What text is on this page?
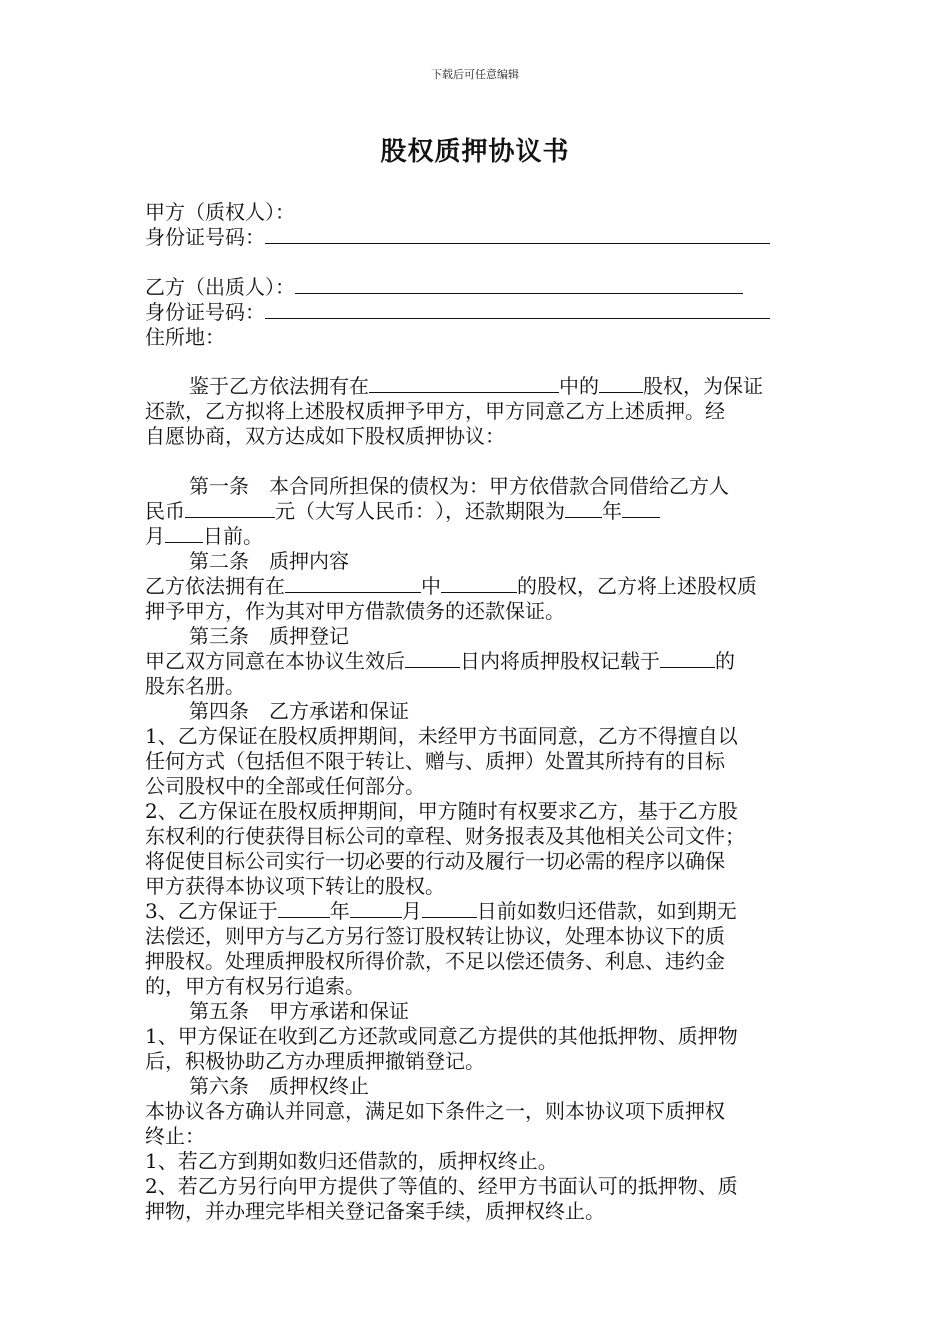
下载后可任意编辑
股权质押协议书
甲方（质权人）：
身份证号码：
乙方（出质人）：
身份证号码：
住所地：
鉴于乙方依法拥有在	中的 股权，为保证
还款，乙方拟将上述股权质押予甲方，甲方同意乙方上述质押。经
自愿协商，双方达成如下股权质押协议：
第一条　本合同所担保的债权为：甲方依借款合同借给乙方人
民币	元（大写人民币：），还款期限为 年
月 日前。
第二条　质押内容
乙方依法拥有在	中	的股权，乙方将上述股权质
押予甲方，作为其对甲方借款债务的还款保证。
第三条　质押登记
甲乙双方同意在本协议生效后	日内将质押股权记载于	的
股东名册。
第四条　乙方承诺和保证
1、乙方保证在股权质押期间，未经甲方书面同意，乙方不得擅自以
任何方式（包括但不限于转让、赠与、质押）处置其所持有的目标
公司股权中的全部或任何部分。
2、乙方保证在股权质押期间，甲方随时有权要求乙方，基于乙方股
东权利的行使获得目标公司的章程、财务报表及其他相关公司文件；
将促使目标公司实行一切必要的行动及履行一切必需的程序以确保
甲方获得本协议项下转让的股权。
3、乙方保证于	年	月	日前如数归还借款，如到期无
法偿还，则甲方与乙方另行签订股权转让协议，处理本协议下的质
押股权。处理质押股权所得价款，不足以偿还债务、利息、违约金
的，甲方有权另行追索。
第五条　甲方承诺和保证
1、甲方保证在收到乙方还款或同意乙方提供的其他抵押物、质押物
后，积极协助乙方办理质押撤销登记。
第六条　质押权终止
本协议各方确认并同意，满足如下条件之一，则本协议项下质押权
终止：
1、若乙方到期如数归还借款的，质押权终止。
2、若乙方另行向甲方提供了等值的、经甲方书面认可的抵押物、质
押物，并办理完毕相关登记备案手续，质押权终止。
